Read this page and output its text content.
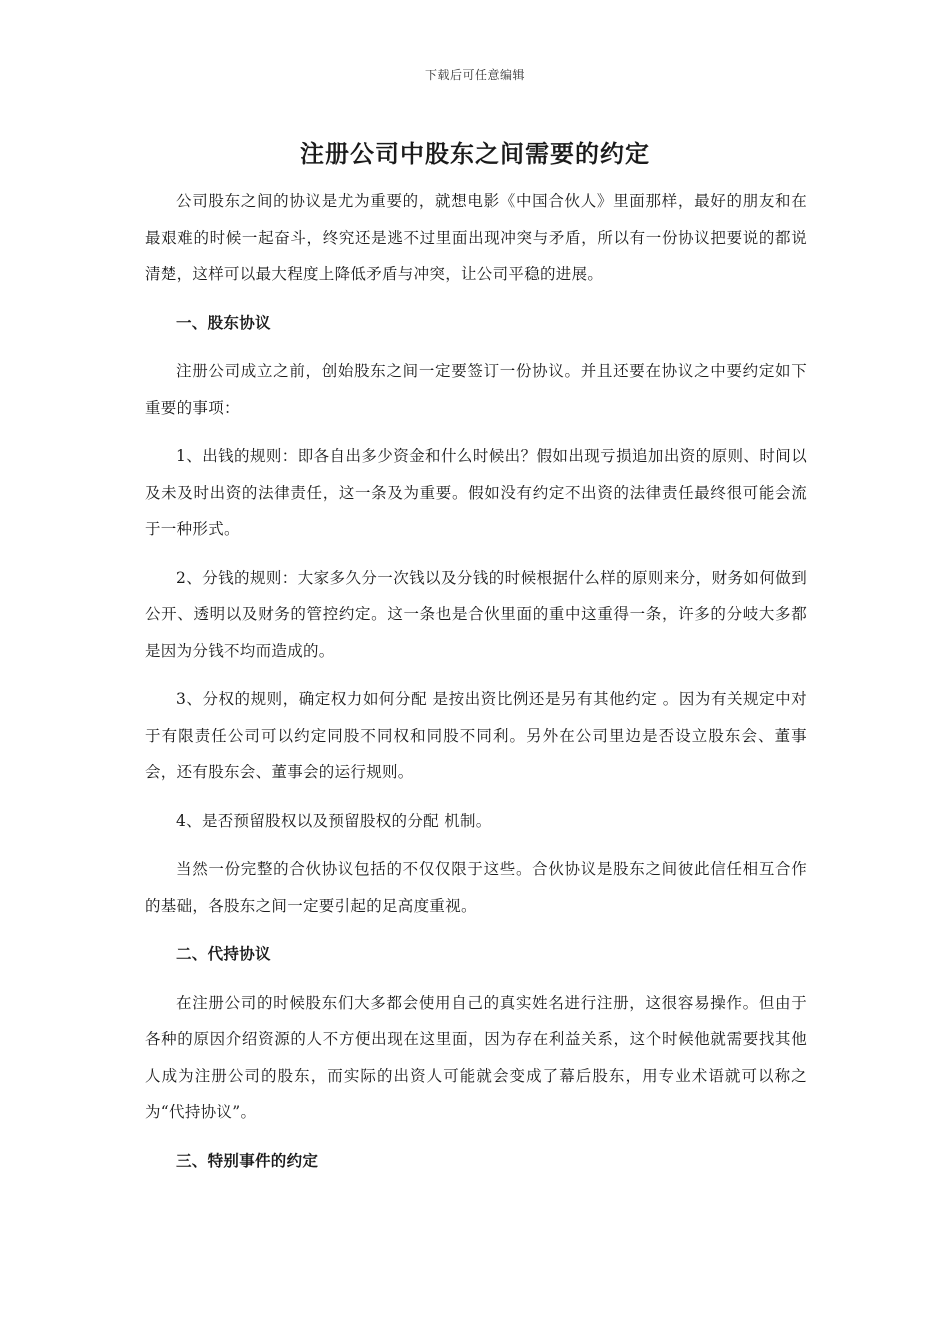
下载后可任意编辑
注册公司中股东之间需要的约定

公司股东之间的协议是尤为重要的，就想电影《中国合伙人》里面那样，最好的朋友和在最艰难的时候一起奋斗，终究还是逃不过里面出现冲突与矛盾，所以有一份协议把要说的都说清楚，这样可以最大程度上降低矛盾与冲突，让公司平稳的进展。

一、股东协议

注册公司成立之前，创始股东之间一定要签订一份协议。并且还要在协议之中要约定如下重要的事项：

1、出钱的规则：即各自出多少资金和什么时候出？假如出现亏损追加出资的原则、时间以及未及时出资的法律责任，这一条及为重要。假如没有约定不出资的法律责任最终很可能会流于一种形式。

2、分钱的规则：大家多久分一次钱以及分钱的时候根据什么样的原则来分，财务如何做到公开、透明以及财务的管控约定。这一条也是合伙里面的重中这重得一条，许多的分岐大多都是因为分钱不均而造成的。

3、分权的规则，确定权力如何分配 是按出资比例还是另有其他约定 。因为有关规定中对于有限责任公司可以约定同股不同权和同股不同利。另外在公司里边是否设立股东会、董事会，还有股东会、董事会的运行规则。

4、是否预留股权以及预留股权的分配 机制。

当然一份完整的合伙协议包括的不仅仅限于这些。合伙协议是股东之间彼此信任相互合作的基础，各股东之间一定要引起的足高度重视。

二、代持协议

在注册公司的时候股东们大多都会使用自己的真实姓名进行注册，这很容易操作。但由于各种的原因介绍资源的人不方便出现在这里面，因为存在利益关系，这个时候他就需要找其他人成为注册公司的股东，而实际的出资人可能就会变成了幕后股东，用专业术语就可以称之为“代持协议”。

三、特别事件的约定
